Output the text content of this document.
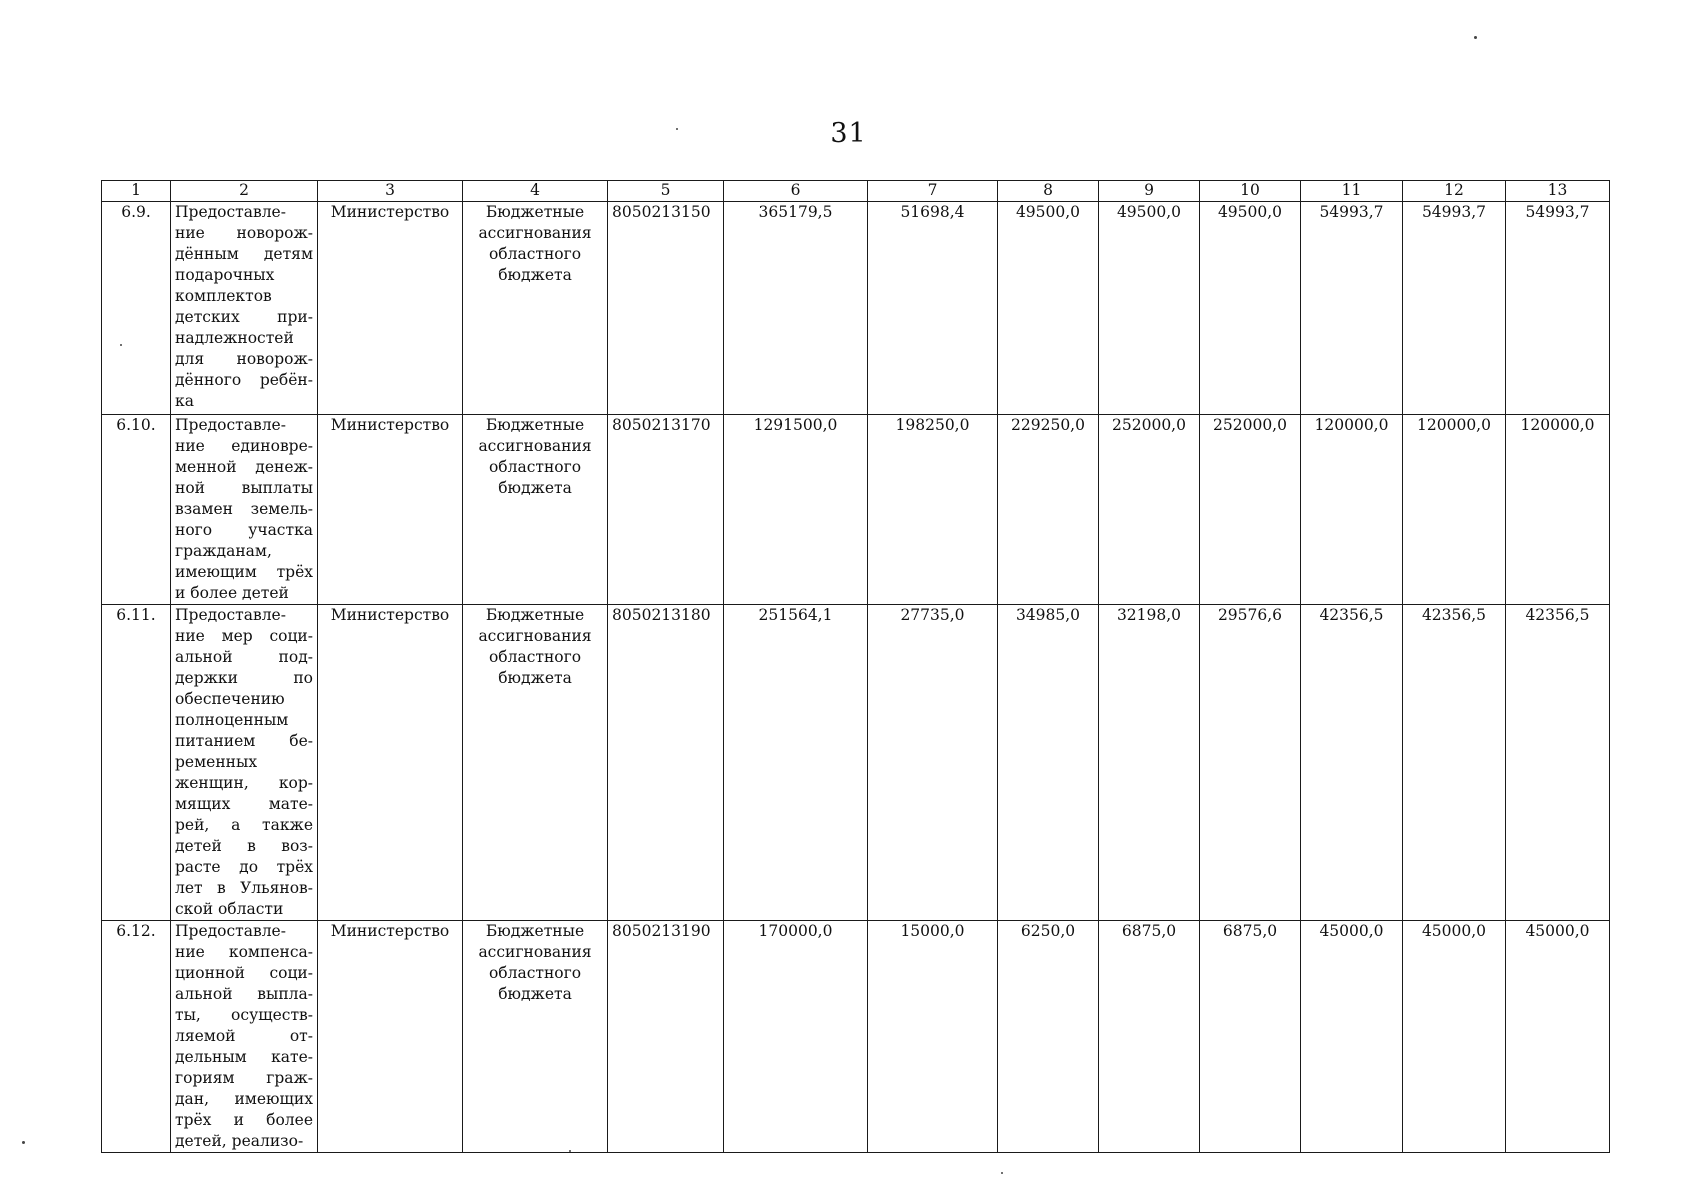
31
1	2	3	4	5	6	7	8	9	10	11	12	13
6.9.	Предоставле-ние новорож-дённым детям подарочных комплектов детских при-надлежностей для новорож-дённого ребён-ка	Министерство	Бюджетные ассигнования областного бюджета	8050213150	365179,5	51698,4	49500,0	49500,0	49500,0	54993,7	54993,7	54993,7
6.10.	Предоставле-ние единовре-менной денеж-ной выплаты взамен земель-ного участка гражданам, имеющим трёх и более детей	Министерство	Бюджетные ассигнования областного бюджета	8050213170	1291500,0	198250,0	229250,0	252000,0	252000,0	120000,0	120000,0	120000,0
6.11.	Предоставле-ние мер соци-альной под-держки по обеспечению полноценным питанием бе-ременных женщин, кор-мящих мате-рей, а также детей в воз-расте до трёх лет в Ульянов-ской области	Министерство	Бюджетные ассигнования областного бюджета	8050213180	251564,1	27735,0	34985,0	32198,0	29576,6	42356,5	42356,5	42356,5
6.12.	Предоставле-ние компенса-ционной соци-альной выпла-ты, осуществ-ляемой от-дельным кате-гориям граж-дан, имеющих трёх и более детей, реализо-	Министерство	Бюджетные ассигнования областного бюджета	8050213190	170000,0	15000,0	6250,0	6875,0	6875,0	45000,0	45000,0	45000,0
